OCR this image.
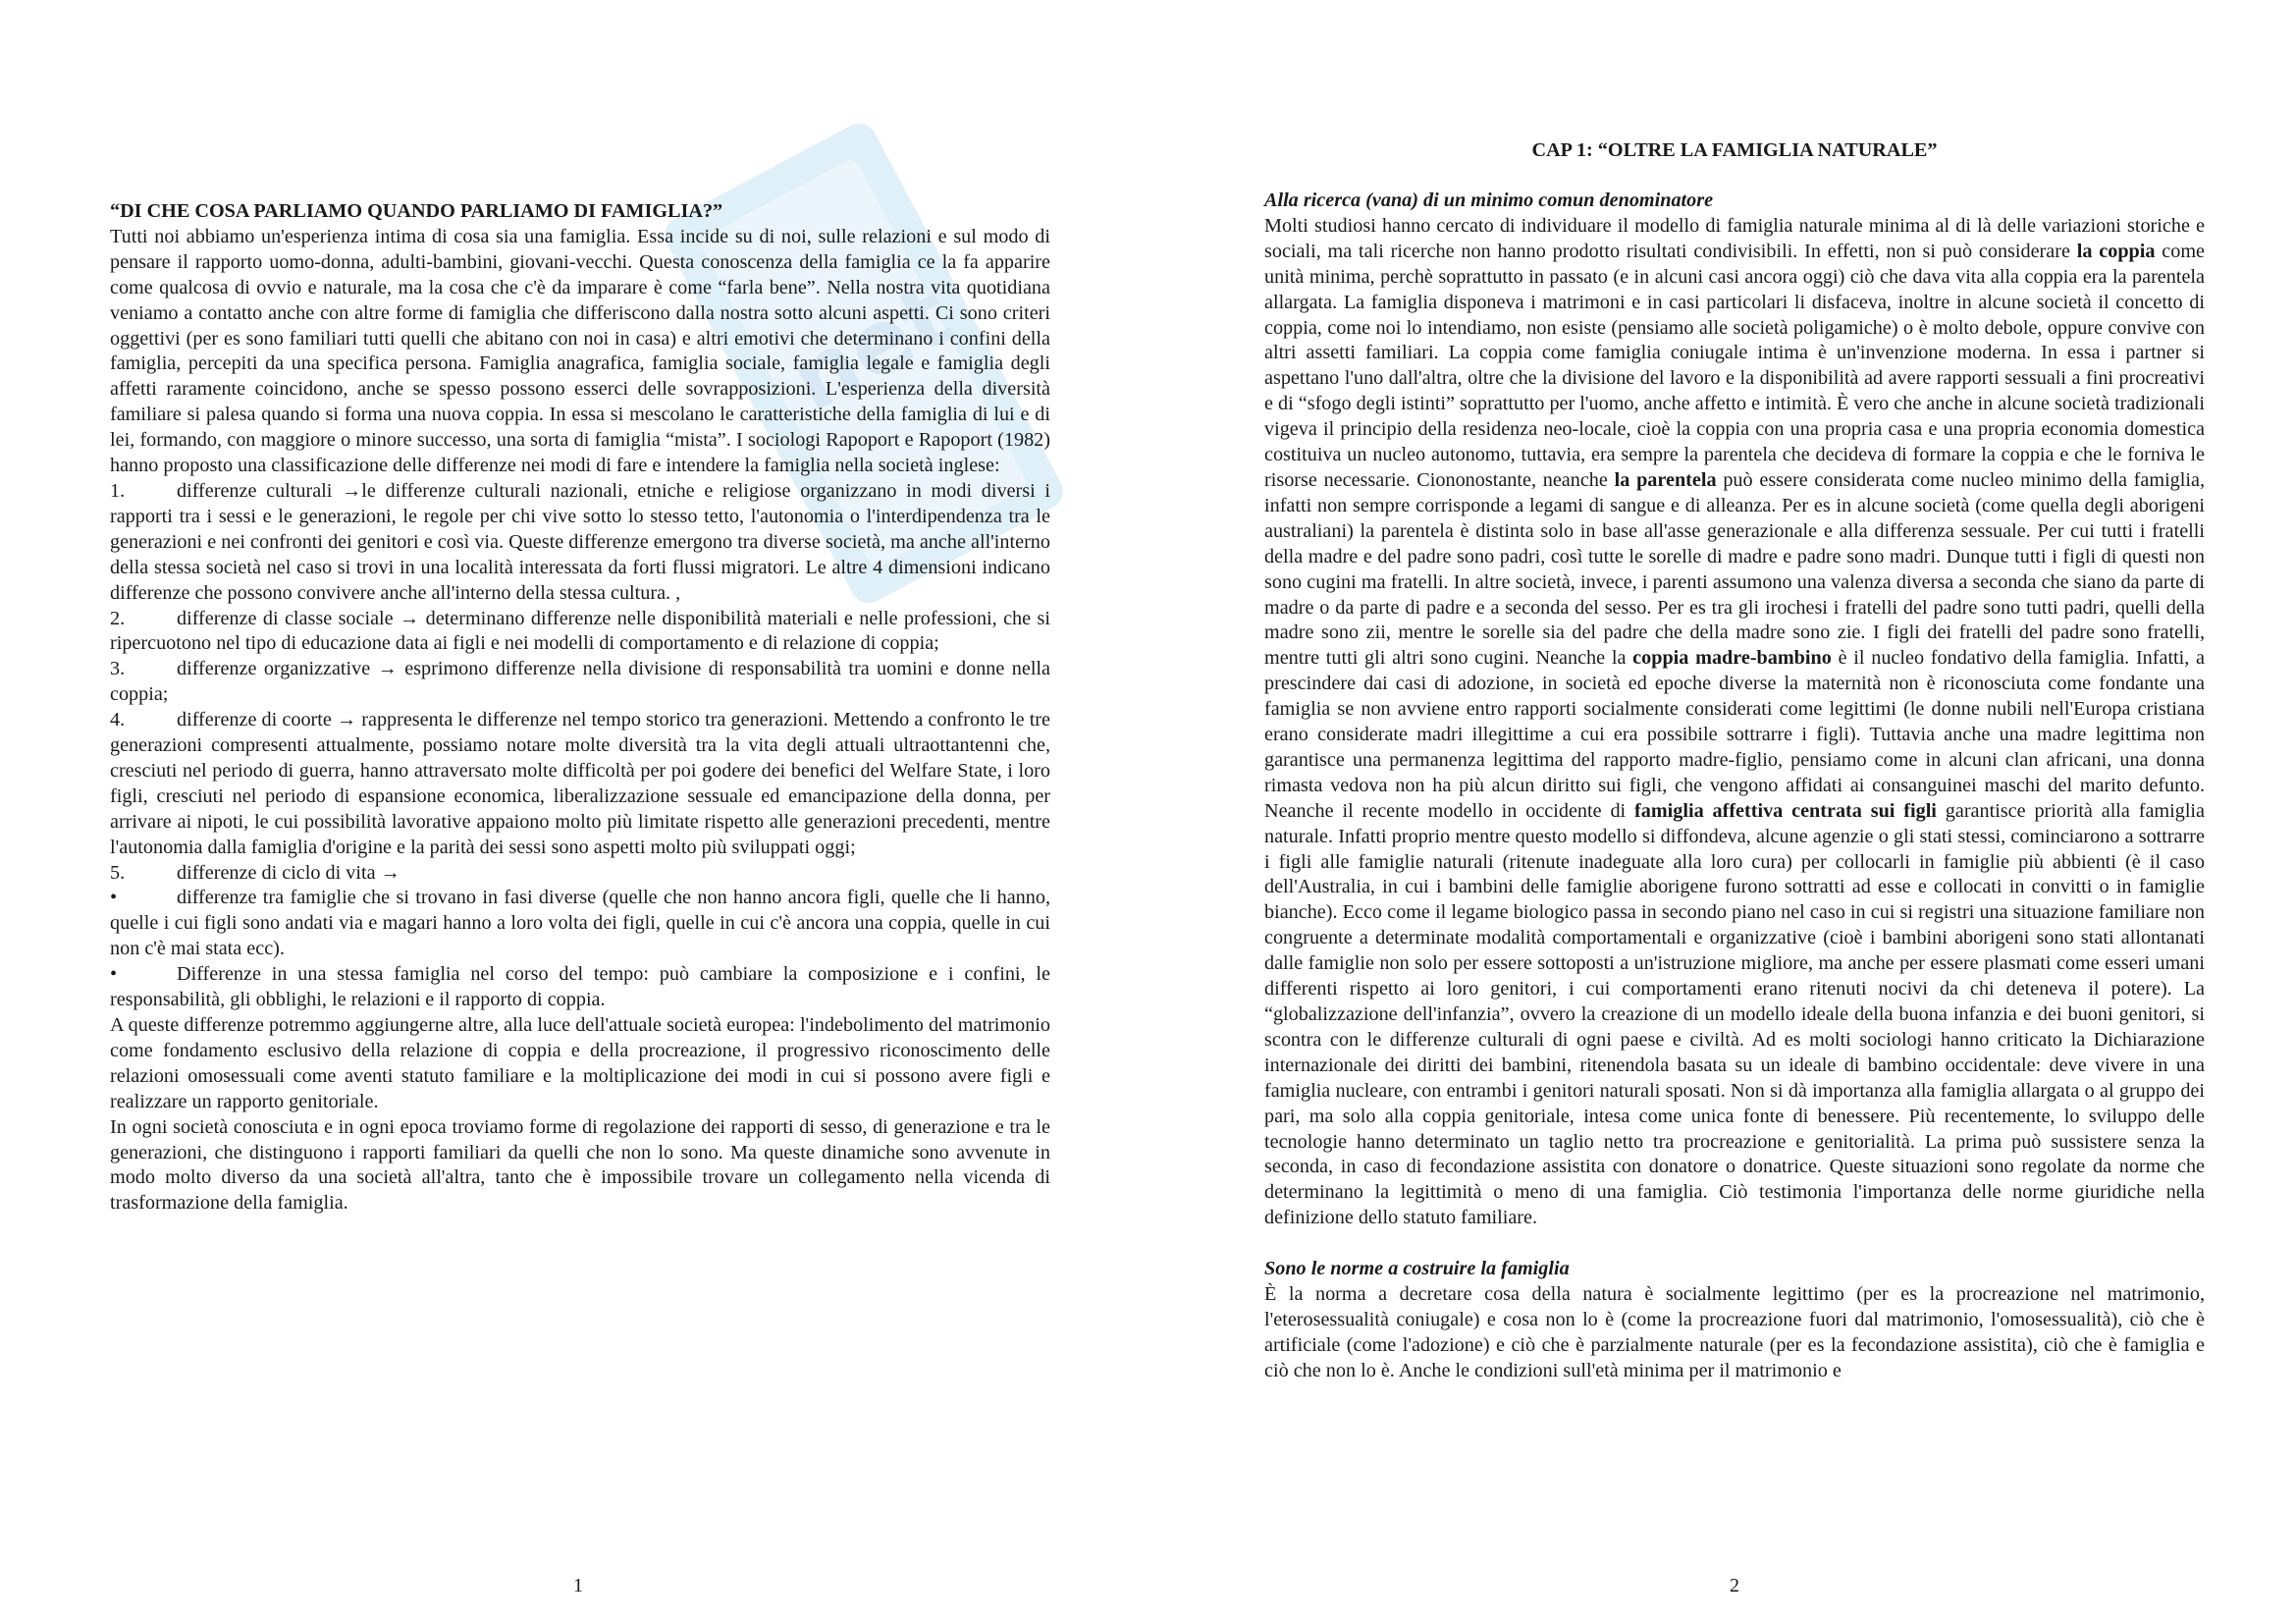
net

“DI CHE COSA PARLIAMO QUANDO PARLIAMO DI FAMIGLIA?”

Tutti noi abbiamo un'esperienza intima di cosa sia una famiglia. Essa incide su di noi, sulle relazioni e sul modo di pensare il rapporto uomo-donna, adulti-bambini, giovani-vecchi. Questa conoscenza della famiglia ce la fa apparire come qualcosa di ovvio e naturale, ma la cosa che c'è da imparare è come “farla bene”. Nella nostra vita quotidiana veniamo a contatto anche con altre forme di famiglia che differiscono dalla nostra sotto alcuni aspetti. Ci sono criteri oggettivi (per es sono familiari tutti quelli che abitano con noi in casa) e altri emotivi che determinano i confini della famiglia, percepiti da una specifica persona. Famiglia anagrafica, famiglia sociale, famiglia legale e famiglia degli affetti raramente coincidono, anche se spesso possono esserci delle sovrapposizioni. L'esperienza della diversità familiare si palesa quando si forma una nuova coppia. In essa si mescolano le caratteristiche della famiglia di lui e di lei, formando, con maggiore o minore successo, una sorta di famiglia “mista”. I sociologi Rapoport e Rapoport (1982) hanno proposto una classificazione delle differenze nei modi di fare e intendere la famiglia nella società inglese:

1.	differenze culturali →le differenze culturali nazionali, etniche e religiose organizzano in modi diversi i rapporti tra i sessi e le generazioni, le regole per chi vive sotto lo stesso tetto, l'autonomia o l'interdipendenza tra le generazioni e nei confronti dei genitori e così via. Queste differenze emergono tra diverse società, ma anche all'interno della stessa società nel caso si trovi in una località interessata da forti flussi migratori. Le altre 4 dimensioni indicano differenze che possono convivere anche all'interno della stessa cultura. ,

2.	differenze di classe sociale → determinano differenze nelle disponibilità materiali e nelle professioni, che si ripercuotono nel tipo di educazione data ai figli e nei modelli di comportamento e di relazione di coppia;

3.	differenze organizzative → esprimono differenze nella divisione di responsabilità tra uomini e donne nella coppia;

4.	differenze di coorte → rappresenta le differenze nel tempo storico tra generazioni. Mettendo a confronto le tre generazioni compresenti attualmente, possiamo notare molte diversità tra la vita degli attuali ultraottantenni che, cresciuti nel periodo di guerra, hanno attraversato molte difficoltà per poi godere dei benefici del Welfare State, i loro figli, cresciuti nel periodo di espansione economica, liberalizzazione sessuale ed emancipazione della donna, per arrivare ai nipoti, le cui possibilità lavorative appaiono molto più limitate rispetto alle generazioni precedenti, mentre l'autonomia dalla famiglia d'origine e la parità dei sessi sono aspetti molto più sviluppati oggi;

5.	differenze di ciclo di vita →

•	differenze tra famiglie che si trovano in fasi diverse (quelle che non hanno ancora figli, quelle che li hanno, quelle i cui figli sono andati via e magari hanno a loro volta dei figli, quelle in cui c'è ancora una coppia, quelle in cui non c'è mai stata ecc).

•	Differenze in una stessa famiglia nel corso del tempo: può cambiare la composizione e i confini, le responsabilità, gli obblighi, le relazioni e il rapporto di coppia.

A queste differenze potremmo aggiungerne altre, alla luce dell'attuale società europea: l'indebolimento del matrimonio come fondamento esclusivo della relazione di coppia e della procreazione, il progressivo riconoscimento delle relazioni omosessuali come aventi statuto familiare e la moltiplicazione dei modi in cui si possono avere figli e realizzare un rapporto genitoriale.

In ogni società conosciuta e in ogni epoca troviamo forme di regolazione dei rapporti di sesso, di generazione e tra le generazioni, che distinguono i rapporti familiari da quelli che non lo sono. Ma queste dinamiche sono avvenute in modo molto diverso da una società all'altra, tanto che è impossibile trovare un collegamento nella vicenda di trasformazione della famiglia.

1
CAP 1: “OLTRE LA FAMIGLIA NATURALE”

Alla ricerca (vana) di un minimo comun denominatore

Molti studiosi hanno cercato di individuare il modello di famiglia naturale minima al di là delle variazioni storiche e sociali, ma tali ricerche non hanno prodotto risultati condivisibili. In effetti, non si può considerare la coppia come unità minima, perchè soprattutto in passato (e in alcuni casi ancora oggi) ciò che dava vita alla coppia era la parentela allargata. La famiglia disponeva i matrimoni e in casi particolari li disfaceva, inoltre in alcune società il concetto di coppia, come noi lo intendiamo, non esiste (pensiamo alle società poligamiche) o è molto debole, oppure convive con altri assetti familiari. La coppia come famiglia coniugale intima è un'invenzione moderna. In essa i partner si aspettano l'uno dall'altra, oltre che la divisione del lavoro e la disponibilità ad avere rapporti sessuali a fini procreativi e di “sfogo degli istinti” soprattutto per l'uomo, anche affetto e intimità. È vero che anche in alcune società tradizionali vigeva il principio della residenza neo-locale, cioè la coppia con una propria casa e una propria economia domestica costituiva un nucleo autonomo, tuttavia, era sempre la parentela che decideva di formare la coppia e che le forniva le risorse necessarie. Ciononostante, neanche la parentela può essere considerata come nucleo minimo della famiglia, infatti non sempre corrisponde a legami di sangue e di alleanza. Per es in alcune società (come quella degli aborigeni australiani) la parentela è distinta solo in base all'asse generazionale e alla differenza sessuale. Per cui tutti i fratelli della madre e del padre sono padri, così tutte le sorelle di madre e padre sono madri. Dunque tutti i figli di questi non sono cugini ma fratelli. In altre società, invece, i parenti assumono una valenza diversa a seconda che siano da parte di madre o da parte di padre e a seconda del sesso. Per es tra gli irochesi i fratelli del padre sono tutti padri, quelli della madre sono zii, mentre le sorelle sia del padre che della madre sono zie. I figli dei fratelli del padre sono fratelli, mentre tutti gli altri sono cugini. Neanche la coppia madre-bambino è il nucleo fondativo della famiglia. Infatti, a prescindere dai casi di adozione, in società ed epoche diverse la maternità non è riconosciuta come fondante una famiglia se non avviene entro rapporti socialmente considerati come legittimi (le donne nubili nell'Europa cristiana erano considerate madri illegittime a cui era possibile sottrarre i figli). Tuttavia anche una madre legittima non garantisce una permanenza legittima del rapporto madre-figlio, pensiamo come in alcuni clan africani, una donna rimasta vedova non ha più alcun diritto sui figli, che vengono affidati ai consanguinei maschi del marito defunto. Neanche il recente modello in occidente di famiglia affettiva centrata sui figli garantisce priorità alla famiglia naturale. Infatti proprio mentre questo modello si diffondeva, alcune agenzie o gli stati stessi, cominciarono a sottrarre i figli alle famiglie naturali (ritenute inadeguate alla loro cura) per collocarli in famiglie più abbienti (è il caso dell'Australia, in cui i bambini delle famiglie aborigene furono sottratti ad esse e collocati in convitti o in famiglie bianche). Ecco come il legame biologico passa in secondo piano nel caso in cui si registri una situazione familiare non congruente a determinate modalità comportamentali e organizzative (cioè i bambini aborigeni sono stati allontanati dalle famiglie non solo per essere sottoposti a un'istruzione migliore, ma anche per essere plasmati come esseri umani differenti rispetto ai loro genitori, i cui comportamenti erano ritenuti nocivi da chi deteneva il potere). La “globalizzazione dell'infanzia”, ovvero la creazione di un modello ideale della buona infanzia e dei buoni genitori, si scontra con le differenze culturali di ogni paese e civiltà. Ad es molti sociologi hanno criticato la Dichiarazione internazionale dei diritti dei bambini, ritenendola basata su un ideale di bambino occidentale: deve vivere in una famiglia nucleare, con entrambi i genitori naturali sposati. Non si dà importanza alla famiglia allargata o al gruppo dei pari, ma solo alla coppia genitoriale, intesa come unica fonte di benessere. Più recentemente, lo sviluppo delle tecnologie hanno determinato un taglio netto tra procreazione e genitorialità. La prima può sussistere senza la seconda, in caso di fecondazione assistita con donatore o donatrice. Queste situazioni sono regolate da norme che determinano la legittimità o meno di una famiglia. Ciò testimonia l'importanza delle norme giuridiche nella definizione dello statuto familiare.

Sono le norme a costruire la famiglia

È la norma a decretare cosa della natura è socialmente legittimo (per es la procreazione nel matrimonio, l'eterosessualità coniugale) e cosa non lo è (come la procreazione fuori dal matrimonio, l'omosessualità), ciò che è artificiale (come l'adozione) e ciò che è parzialmente naturale (per es la fecondazione assistita), ciò che è famiglia e ciò che non lo è. Anche le condizioni sull'età minima per il matrimonio e

2
